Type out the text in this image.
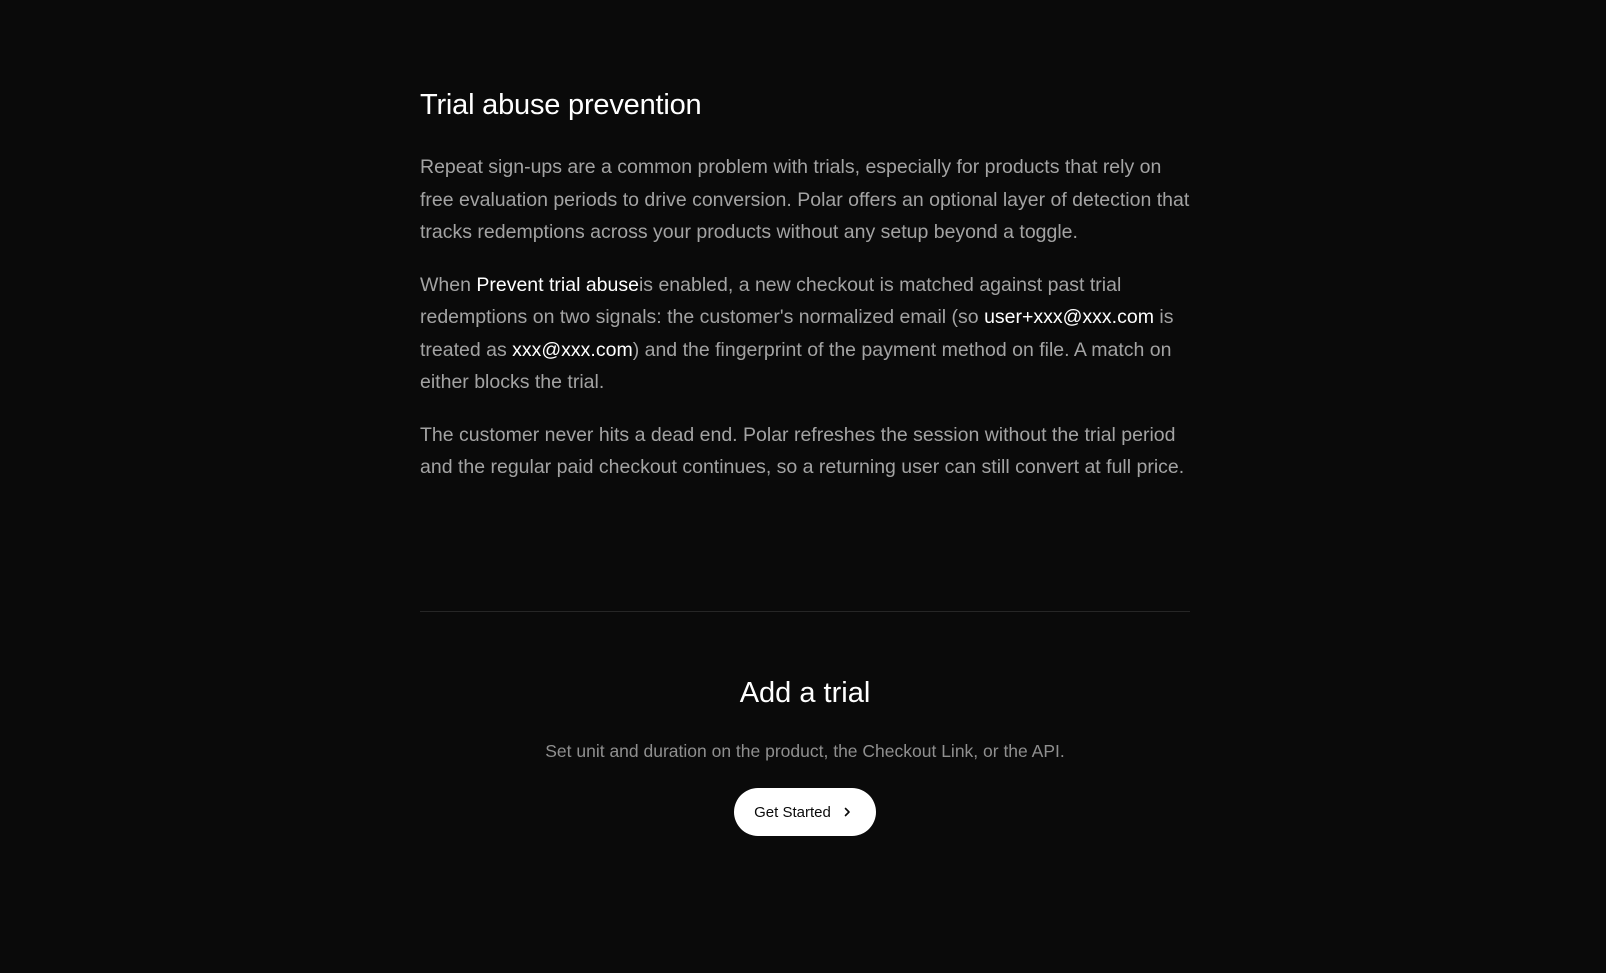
Trial abuse prevention

Repeat sign-ups are a common problem with trials, especially for products that rely on free evaluation periods to drive conversion. Polar offers an optional layer of detection that tracks redemptions across your products without any setup beyond a toggle.

When Prevent trial abuseis enabled, a new checkout is matched against past trial redemptions on two signals: the customer's normalized email (so user+xxx@xxx.com is treated as xxx@xxx.com) and the fingerprint of the payment method on file. A match on either blocks the trial.

The customer never hits a dead end. Polar refreshes the session without the trial period and the regular paid checkout continues, so a returning user can still convert at full price.

Add a trial

Set unit and duration on the product, the Checkout Link, or the API.

Get Started
